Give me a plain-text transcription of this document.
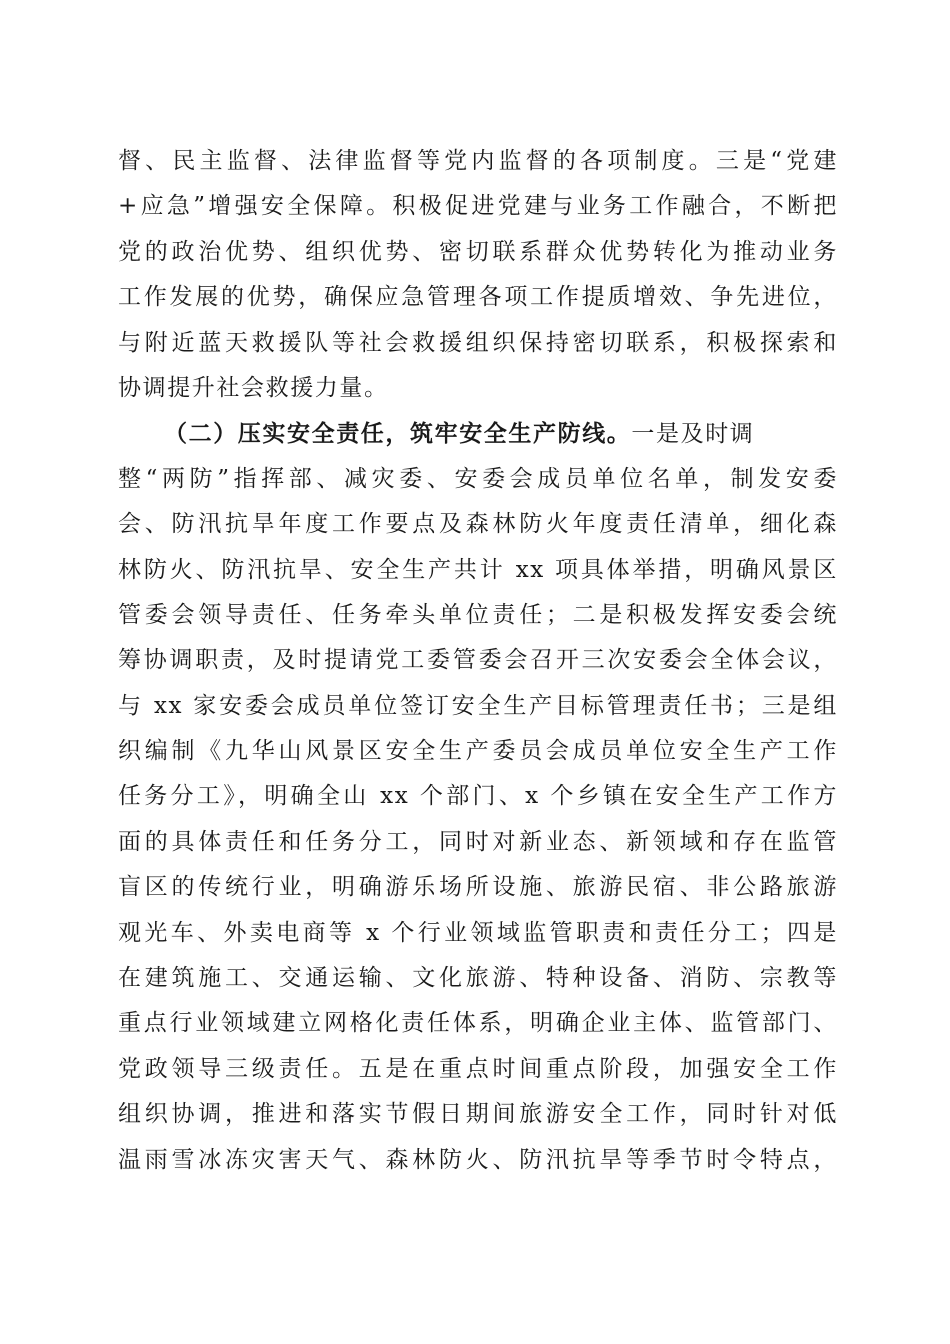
督、民主监督、法律监督等党内监督的各项制度。三是“党建
+应急”增强安全保障。积极促进党建与业务工作融合，不断把
党的政治优势、组织优势、密切联系群众优势转化为推动业务
工作发展的优势，确保应急管理各项工作提质增效、争先进位，
与附近蓝天救援队等社会救援组织保持密切联系，积极探索和
协调提升社会救援力量。
（二）压实安全责任，筑牢安全生产防线。一是及时调
整“两防”指挥部、减灾委、安委会成员单位名单，制发安委
会、防汛抗旱年度工作要点及森林防火年度责任清单，细化森
林防火、防汛抗旱、安全生产共计 xx 项具体举措，明确风景区
管委会领导责任、任务牵头单位责任；二是积极发挥安委会统
筹协调职责，及时提请党工委管委会召开三次安委会全体会议，
与 xx 家安委会成员单位签订安全生产目标管理责任书；三是组
织编制《九华山风景区安全生产委员会成员单位安全生产工作
任务分工》，明确全山 xx 个部门、x 个乡镇在安全生产工作方
面的具体责任和任务分工，同时对新业态、新领域和存在监管
盲区的传统行业，明确游乐场所设施、旅游民宿、非公路旅游
观光车、外卖电商等 x 个行业领域监管职责和责任分工；四是
在建筑施工、交通运输、文化旅游、特种设备、消防、宗教等
重点行业领域建立网格化责任体系，明确企业主体、监管部门、
党政领导三级责任。五是在重点时间重点阶段，加强安全工作
组织协调，推进和落实节假日期间旅游安全工作，同时针对低
温雨雪冰冻灾害天气、森林防火、防汛抗旱等季节时令特点，
